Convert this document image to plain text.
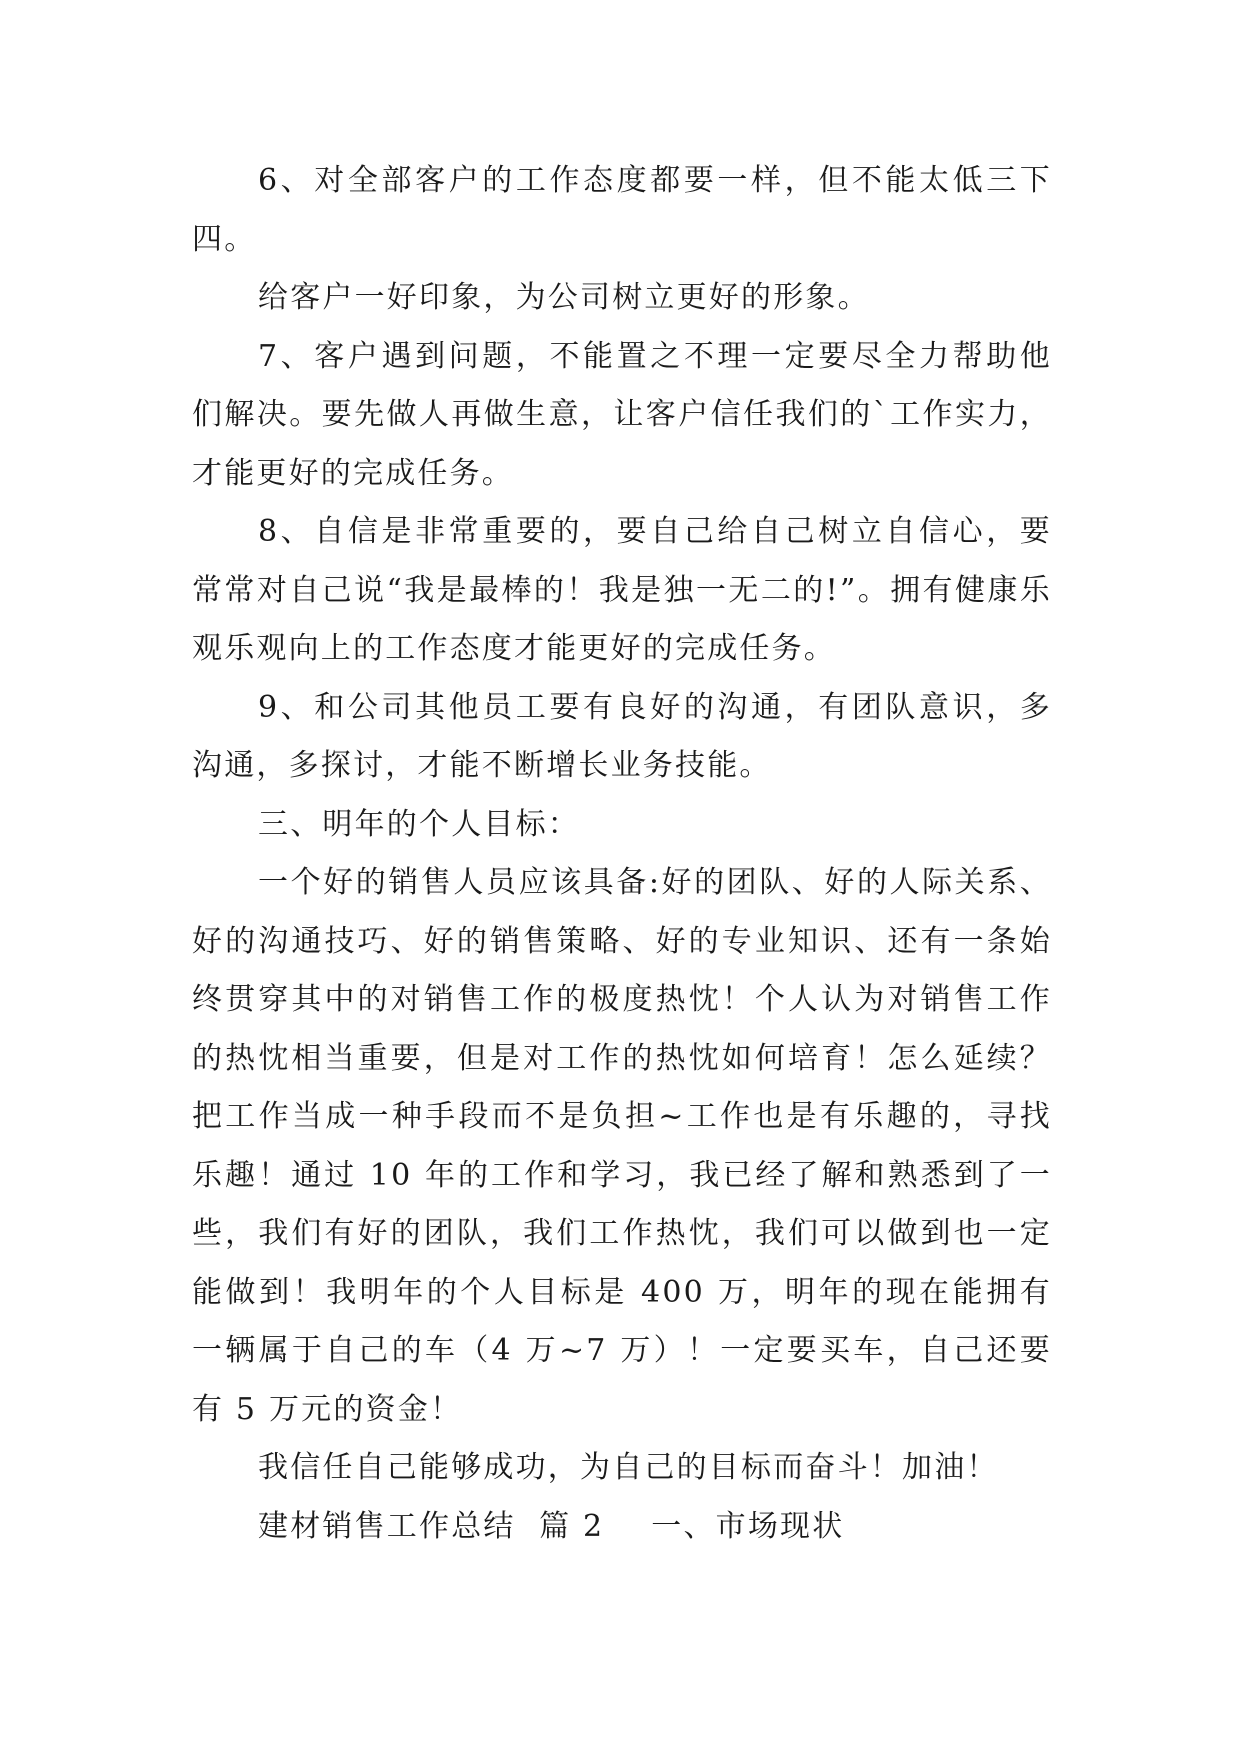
6、对全部客户的工作态度都要一样，但不能太低三下四。

给客户一好印象，为公司树立更好的形象。

7、客户遇到问题，不能置之不理一定要尽全力帮助他们解决。要先做人再做生意，让客户信任我们的`工作实力，才能更好的完成任务。

8、自信是非常重要的，要自己给自己树立自信心，要常常对自己说“我是最棒的！我是独一无二的!”。拥有健康乐观乐观向上的工作态度才能更好的完成任务。

9、和公司其他员工要有良好的沟通，有团队意识，多沟通，多探讨，才能不断增长业务技能。

三、明年的个人目标：

一个好的销售人员应该具备:好的团队、好的人际关系、好的沟通技巧、好的销售策略、好的专业知识、还有一条始终贯穿其中的对销售工作的极度热忱！个人认为对销售工作的热忱相当重要，但是对工作的热忱如何培育！怎么延续？把工作当成一种手段而不是负担~工作也是有乐趣的，寻找乐趣！通过 10 年的工作和学习，我已经了解和熟悉到了一些，我们有好的团队，我们工作热忱，我们可以做到也一定能做到！我明年的个人目标是 400 万，明年的现在能拥有一辆属于自己的车（4 万~7 万）！一定要买车，自己还要有 5 万元的资金！

我信任自己能够成功，为自己的目标而奋斗！加油！

建材销售工作总结  篇 2    一、市场现状
